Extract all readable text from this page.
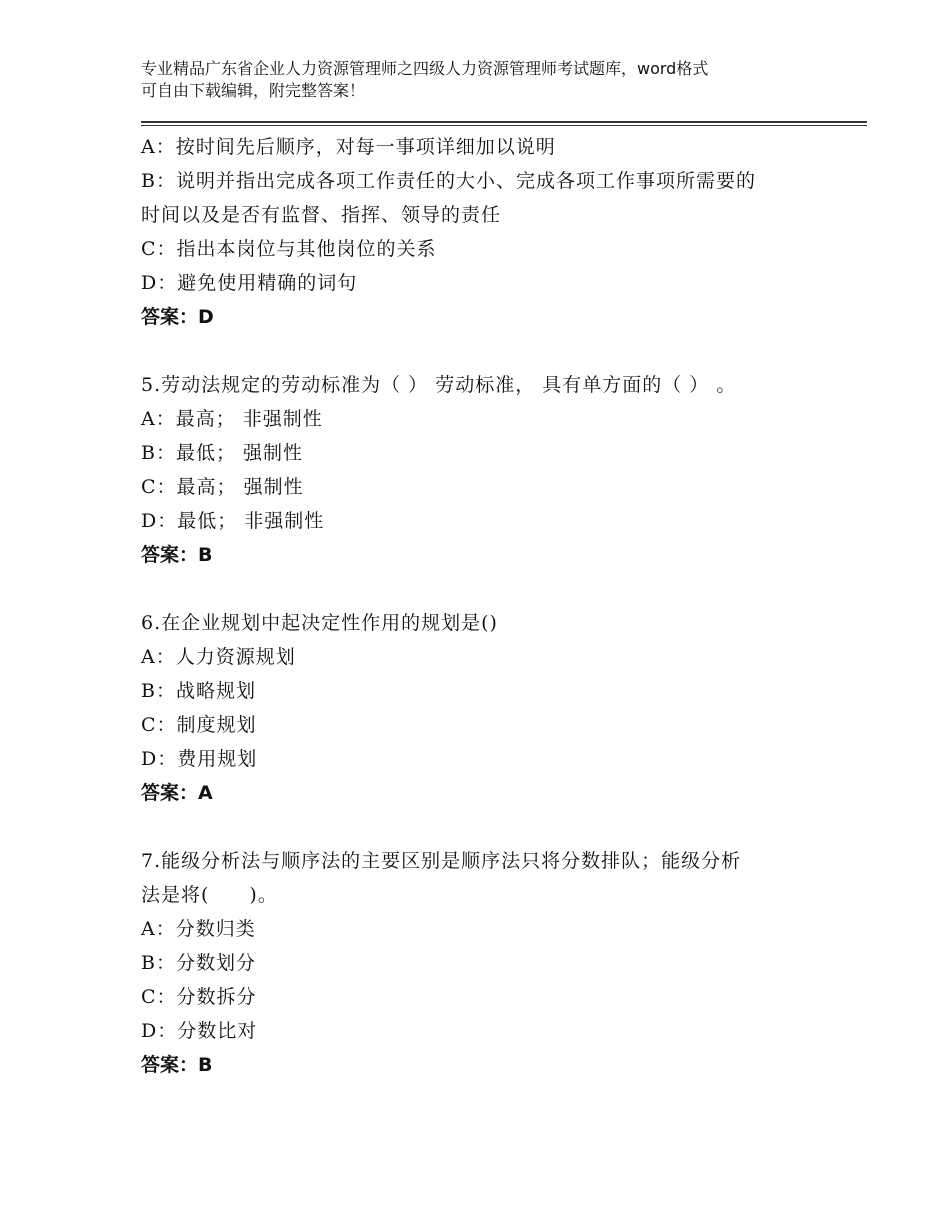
专业精品广东省企业人力资源管理师之四级人力资源管理师考试题库，word格式
可自由下载编辑，附完整答案！
A：按时间先后顺序，对每一事项详细加以说明
B：说明并指出完成各项工作责任的大小、完成各项工作事项所需要的
时间以及是否有监督、指挥、领导的责任
C：指出本岗位与其他岗位的关系
D：避免使用精确的词句
答案：D
5.劳动法规定的劳动标准为（ ） 劳动标准， 具有单方面的（ ） 。
A：最高； 非强制性
B：最低； 强制性
C：最高； 强制性
D：最低； 非强制性
答案：B
6.在企业规划中起决定性作用的规划是()
A：人力资源规划
B：战略规划
C：制度规划
D：费用规划
答案：A
7.能级分析法与顺序法的主要区别是顺序法只将分数排队；能级分析
法是将(　　)。
A：分数归类
B：分数划分
C：分数拆分
D：分数比对
答案：B
